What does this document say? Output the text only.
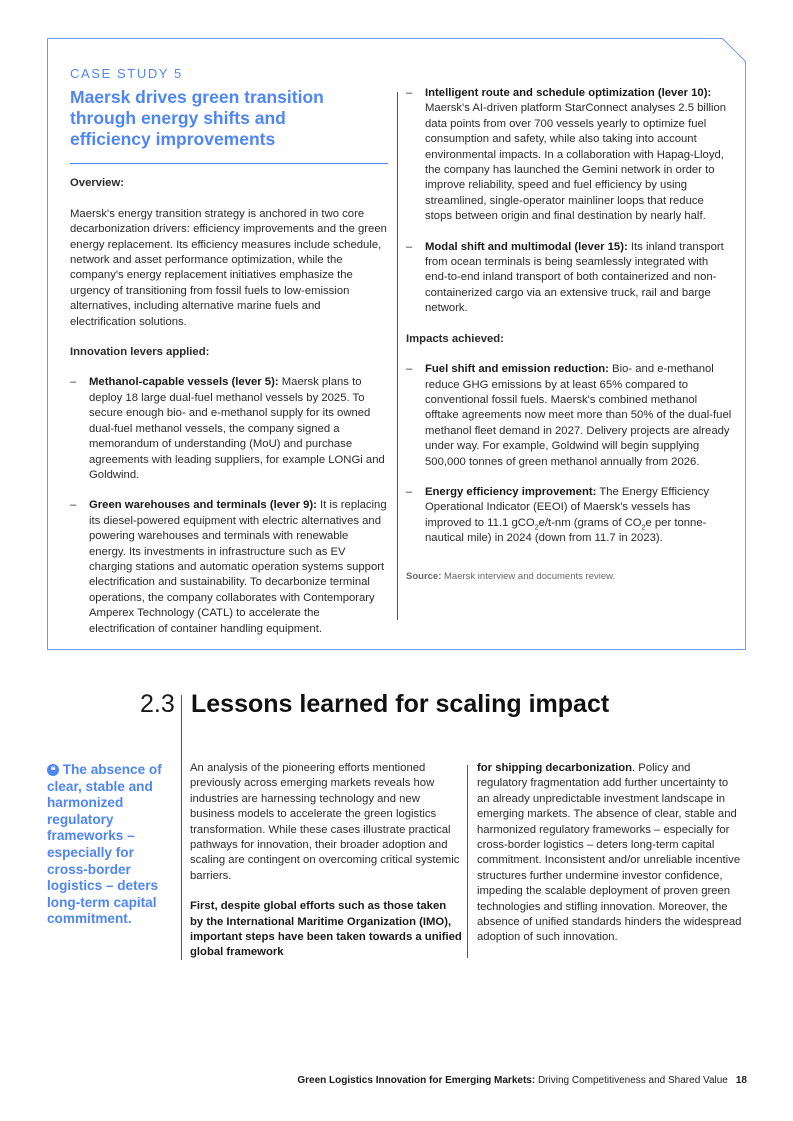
CASE STUDY 5
Maersk drives green transition through energy shifts and efficiency improvements
Overview:

Maersk's energy transition strategy is anchored in two core decarbonization drivers: efficiency improvements and the green energy replacement. Its efficiency measures include schedule, network and asset performance optimization, while the company's energy replacement initiatives emphasize the urgency of transitioning from fossil fuels to low-emission alternatives, including alternative marine fuels and electrification solutions.

Innovation levers applied:
– Methanol-capable vessels (lever 5): Maersk plans to deploy 18 large dual-fuel methanol vessels by 2025. To secure enough bio- and e-methanol supply for its owned dual-fuel methanol vessels, the company signed a memorandum of understanding (MoU) and purchase agreements with leading suppliers, for example LONGi and Goldwind.
– Green warehouses and terminals (lever 9): It is replacing its diesel-powered equipment with electric alternatives and powering warehouses and terminals with renewable energy. Its investments in infrastructure such as EV charging stations and automatic operation systems support electrification and sustainability. To decarbonize terminal operations, the company collaborates with Contemporary Amperex Technology (CATL) to accelerate the electrification of container handling equipment.
– Intelligent route and schedule optimization (lever 10): Maersk's AI-driven platform StarConnect analyses 2.5 billion data points from over 700 vessels yearly to optimize fuel consumption and safety, while also taking into account environmental impacts. In a collaboration with Hapag-Lloyd, the company has launched the Gemini network in order to improve reliability, speed and fuel efficiency by using streamlined, single-operator mainliner loops that reduce stops between origin and final destination by nearly half.
– Modal shift and multimodal (lever 15): Its inland transport from ocean terminals is being seamlessly integrated with end-to-end inland transport of both containerized and non-containerized cargo via an extensive truck, rail and barge network.
Impacts achieved:
– Fuel shift and emission reduction: Bio- and e-methanol reduce GHG emissions by at least 65% compared to conventional fossil fuels. Maersk's combined methanol offtake agreements now meet more than 50% of the dual-fuel methanol fleet demand in 2027. Delivery projects are already under way. For example, Goldwind will begin supplying 500,000 tonnes of green methanol annually from 2026.
– Energy efficiency improvement: The Energy Efficiency Operational Indicator (EEOI) of Maersk's vessels has improved to 11.1 gCO$_2$e/t-nm (grams of $CO_2e$ per tonne-nautical mile) in 2024 (down from 11.7 in 2023).
Source: Maersk interview and documents review.
2.3 Lessons learned for scaling impact
❝ The absence of clear, stable and harmonized regulatory frameworks – especially for cross-border logistics – deters long-term capital commitment.

An analysis of the pioneering efforts mentioned previously across emerging markets reveals how industries are harnessing technology and new business models to accelerate the green logistics transformation. While these cases illustrate practical pathways for innovation, their broader adoption and scaling are contingent on overcoming critical systemic barriers.

First, despite global efforts such as those taken by the International Maritime Organization (IMO), important steps have been taken towards a unified global framework

for shipping decarbonization. Policy and regulatory fragmentation add further uncertainty to an already unpredictable investment landscape in emerging markets. The absence of clear, stable and harmonized regulatory frameworks – especially for cross-border logistics – deters long-term capital commitment. Inconsistent and/or unreliable incentive structures further undermine investor confidence, impeding the scalable deployment of proven green technologies and stifling innovation. Moreover, the absence of unified standards hinders the widespread adoption of such innovation.

Green Logistics Innovation for Emerging Markets: Driving Competitiveness and Shared Value 18
